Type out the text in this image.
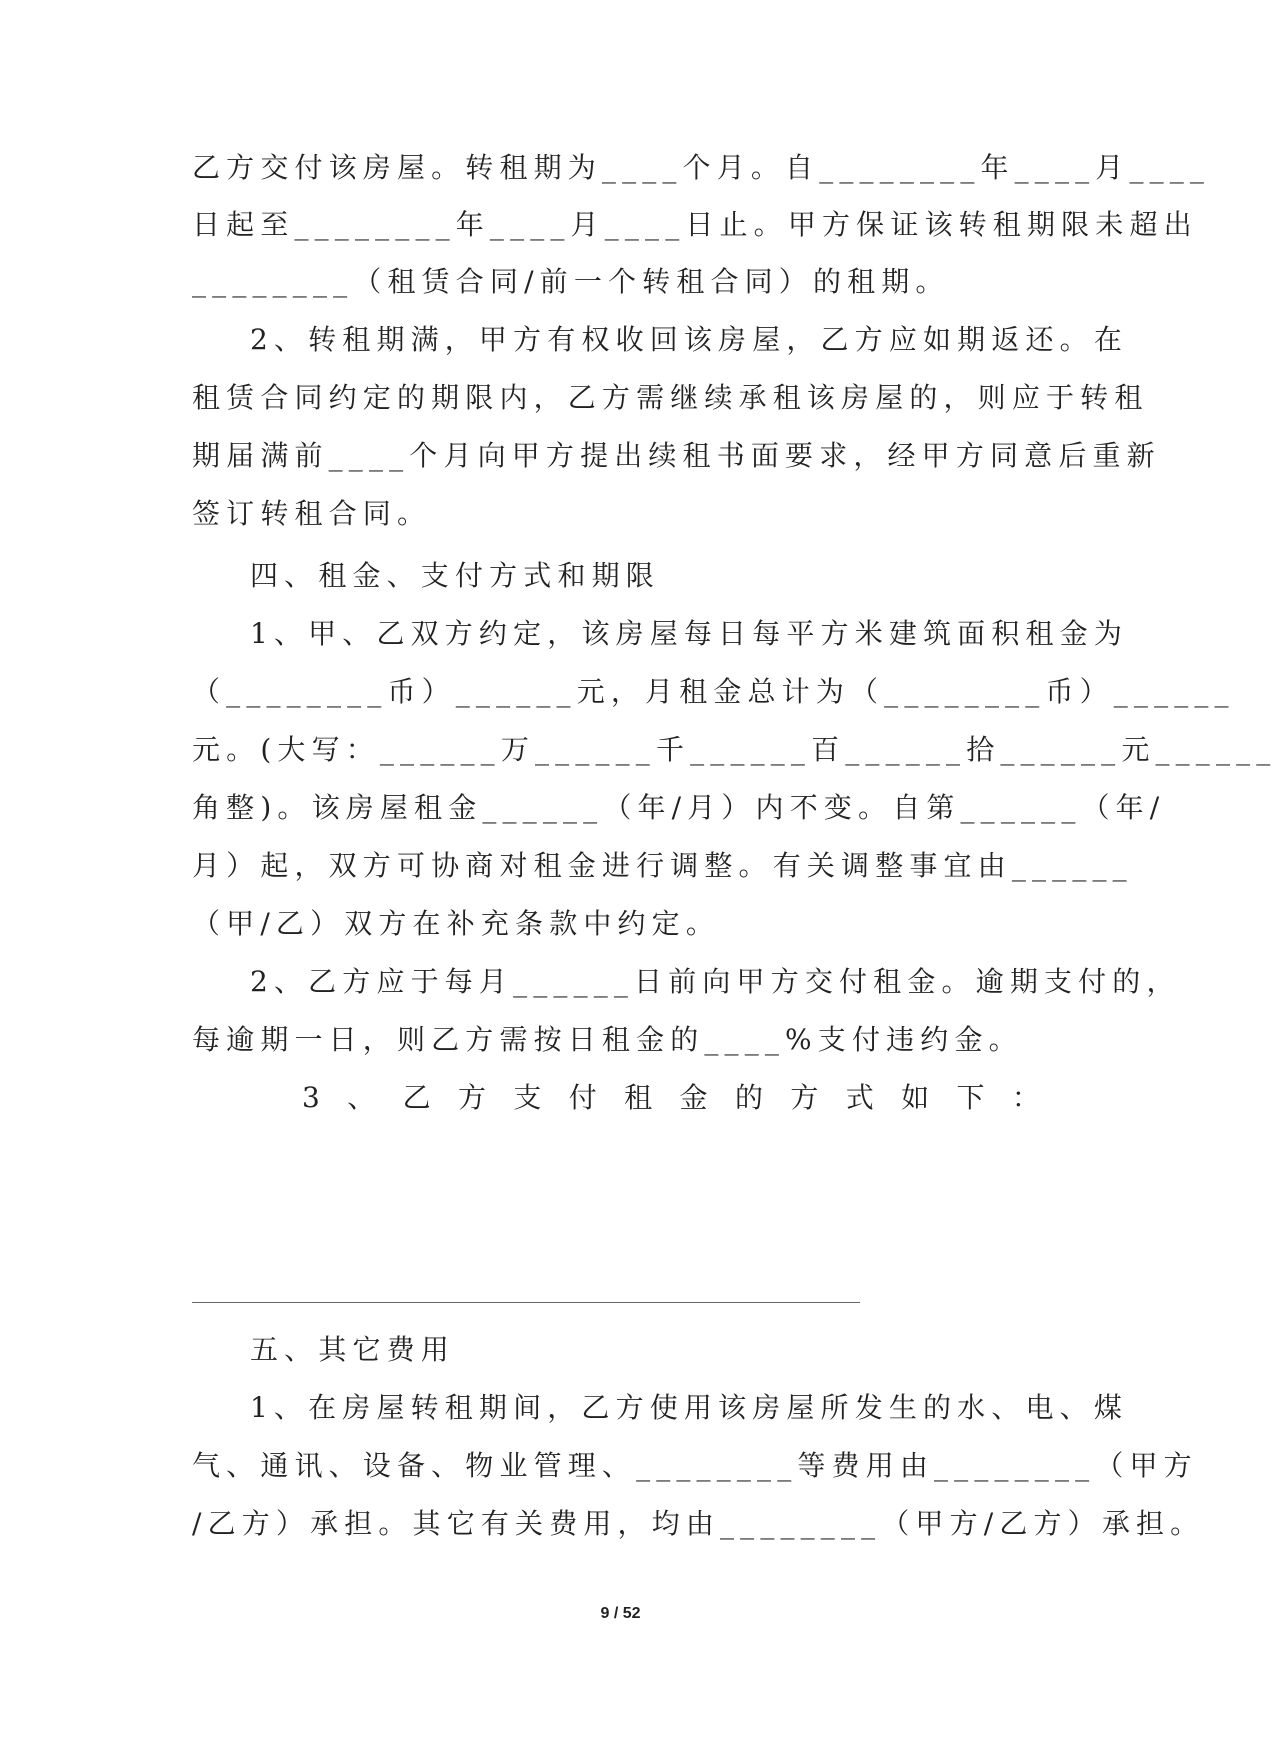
乙方交付该房屋。转租期为____个月。自________年____月____
日起至________年____月____日止。甲方保证该转租期限未超出
________（租赁合同/前一个转租合同）的租期。
2、转租期满，甲方有权收回该房屋，乙方应如期返还。在
租赁合同约定的期限内，乙方需继续承租该房屋的，则应于转租
期届满前____个月向甲方提出续租书面要求，经甲方同意后重新
签订转租合同。
四、租金、支付方式和期限
1、甲、乙双方约定，该房屋每日每平方米建筑面积租金为
（________币）______元，月租金总计为（________币）______
元。(大写：______万______千______百______拾______元______
角整)。该房屋租金______（年/月）内不变。自第______（年/
月）起，双方可协商对租金进行调整。有关调整事宜由______
（甲/乙）双方在补充条款中约定。
2、乙方应于每月______日前向甲方交付租金。逾期支付的，
每逾期一日，则乙方需按日租金的____%支付违约金。
3 、 乙 方 支 付 租 金 的 方 式 如 下 ：
五、其它费用
1、在房屋转租期间，乙方使用该房屋所发生的水、电、煤
气、通讯、设备、物业管理、________等费用由________（甲方
/乙方）承担。其它有关费用，均由________（甲方/乙方）承担。
9 / 52
